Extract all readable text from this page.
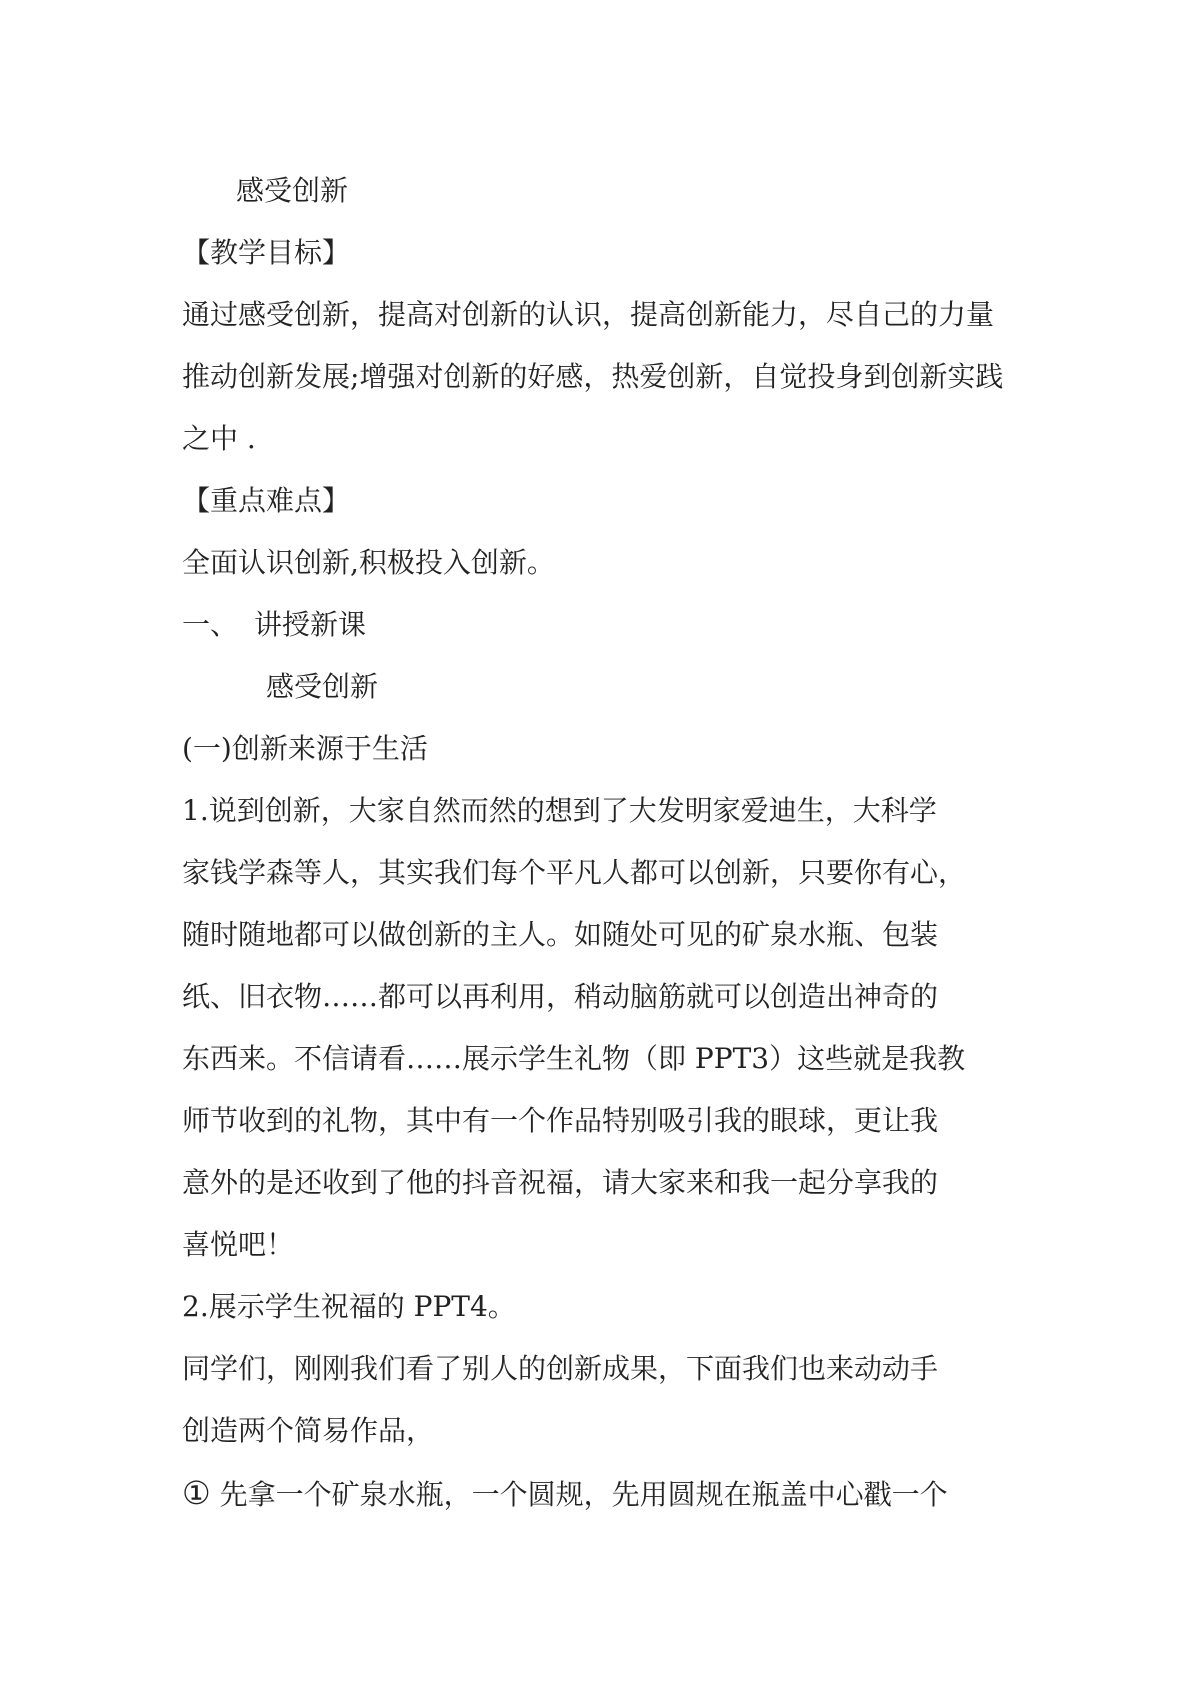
感受创新
【教学目标】
通过感受创新，提高对创新的认识，提高创新能力，尽自己的力量
推动创新发展;增强对创新的好感，热爱创新，自觉投身到创新实践
之中 .
【重点难点】
全面认识创新,积极投入创新。
一、 讲授新课
感受创新
(一)创新来源于生活
1.说到创新，大家自然而然的想到了大发明家爱迪生，大科学
家钱学森等人，其实我们每个平凡人都可以创新，只要你有心，
随时随地都可以做创新的主人。如随处可见的矿泉水瓶、包装
纸、旧衣物……都可以再利用，稍动脑筋就可以创造出神奇的
东西来。不信请看……展示学生礼物（即 PPT3）这些就是我教
师节收到的礼物，其中有一个作品特别吸引我的眼球，更让我
意外的是还收到了他的抖音祝福，请大家来和我一起分享我的
喜悦吧！
2.展示学生祝福的 PPT4。
同学们，刚刚我们看了别人的创新成果，下面我们也来动动手
创造两个简易作品，
① 先拿一个矿泉水瓶，一个圆规，先用圆规在瓶盖中心戳一个
